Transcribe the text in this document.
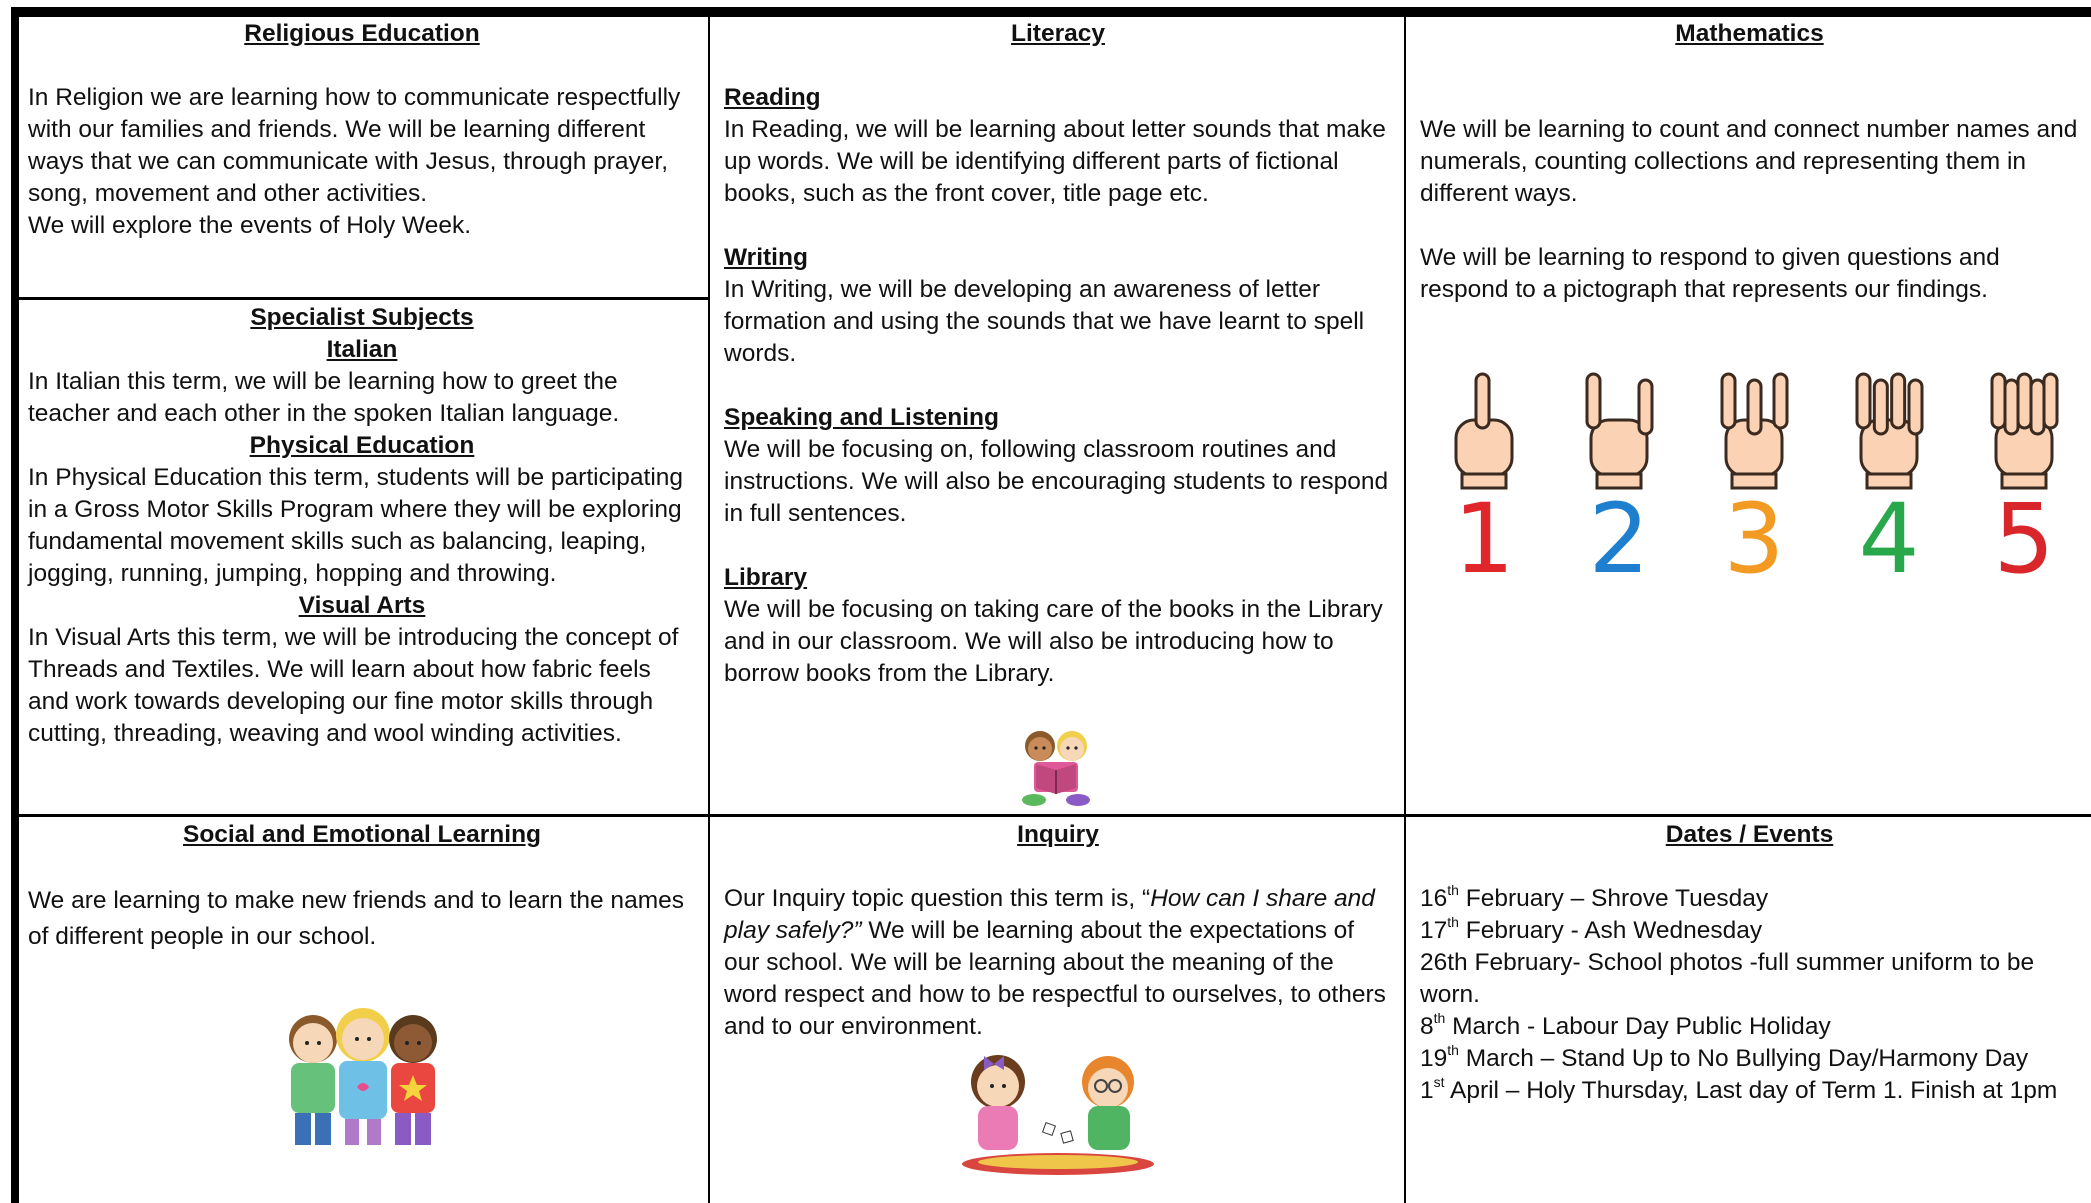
Religious Education

In Religion we are learning how to communicate respectfully with our families and friends. We will be learning different ways that we can communicate with Jesus, through prayer, song, movement and other activities.

We will explore the events of Holy Week.

Specialist Subjects

Italian

In Italian this term, we will be learning how to greet the teacher and each other in the spoken Italian language.

Physical Education

In Physical Education this term, students will be participating in a Gross Motor Skills Program where they will be exploring fundamental movement skills such as balancing, leaping, jogging, running, jumping, hopping and throwing.

Visual Arts

In Visual Arts this term, we will be introducing the concept of Threads and Textiles. We will learn about how fabric feels and work towards developing our fine motor skills through cutting, threading, weaving and wool winding activities.

Literacy

Reading

In Reading, we will be learning about letter sounds that make up words. We will be identifying different parts of fictional books, such as the front cover, title page etc.

Writing

In Writing, we will be developing an awareness of letter formation and using the sounds that we have learnt to spell words.

Speaking and Listening

We will be focusing on, following classroom routines and instructions. We will also be encouraging students to respond in full sentences.

Library

We will be focusing on taking care of the books in the Library and in our classroom. We will also be introducing how to borrow books from the Library.

Mathematics

We will be learning to count and connect number names and numerals, counting collections and representing them in different ways.

We will be learning to respond to given questions and respond to a pictograph that represents our findings.

1 2 3 4 5

Social and Emotional Learning

We are learning to make new friends and to learn the names of different people in our school.

Inquiry

Our Inquiry topic question this term is, “How can I share and play safely?” We will be learning about the expectations of our school. We will be learning about the meaning of the word respect and how to be respectful to ourselves, to others and to our environment.

Dates / Events

16th February – Shrove Tuesday

17th February - Ash Wednesday

26th February- School photos -full summer uniform to be worn.

8th March - Labour Day Public Holiday

19th March – Stand Up to No Bullying Day/Harmony Day

1st April – Holy Thursday, Last day of Term 1. Finish at 1pm
